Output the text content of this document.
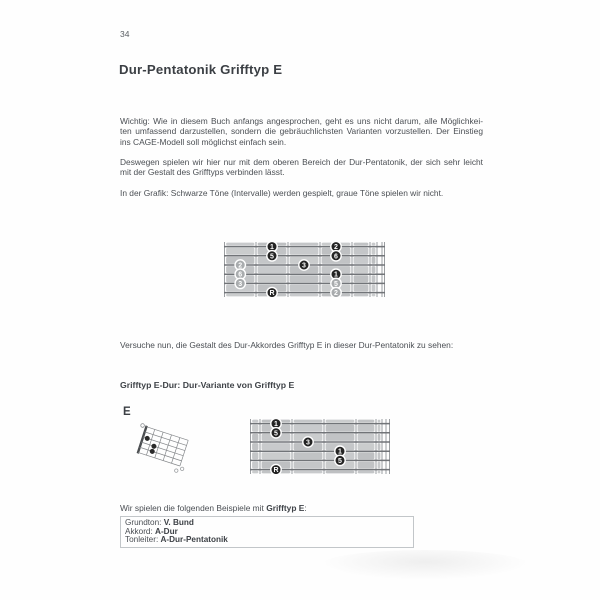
34
Dur-Pentatonik Grifftyp E
Wichtig: Wie in diesem Buch anfangs angesprochen, geht es uns nicht darum, alle Möglichkei-
ten umfassend darzustellen, sondern die gebräuchlichsten Varianten vorzustellen. Der Einstieg
ins CAGE-Modell soll möglichst einfach sein.
Deswegen spielen wir hier nur mit dem oberen Bereich der Dur-Pentatonik, der sich sehr leicht
mit der Gestalt des Grifftyps verbinden lässt.
In der Grafik: Schwarze Töne (Intervalle) werden gespielt, graue Töne spielen wir nicht.
1	2
5	6
2	3
6	1
3	5
R	2
Versuche nun, die Gestalt des Dur-Akkordes Grifftyp E in dieser Dur-Pentatonik zu sehen:
Grifftyp E-Dur: Dur-Variante von Grifftyp E
E
1
5
3
1
5
R
Wir spielen die folgenden Beispiele mit Grifftyp E:
Grundton: V. Bund
Akkord: A-Dur
Tonleiter: A-Dur-Pentatonik
